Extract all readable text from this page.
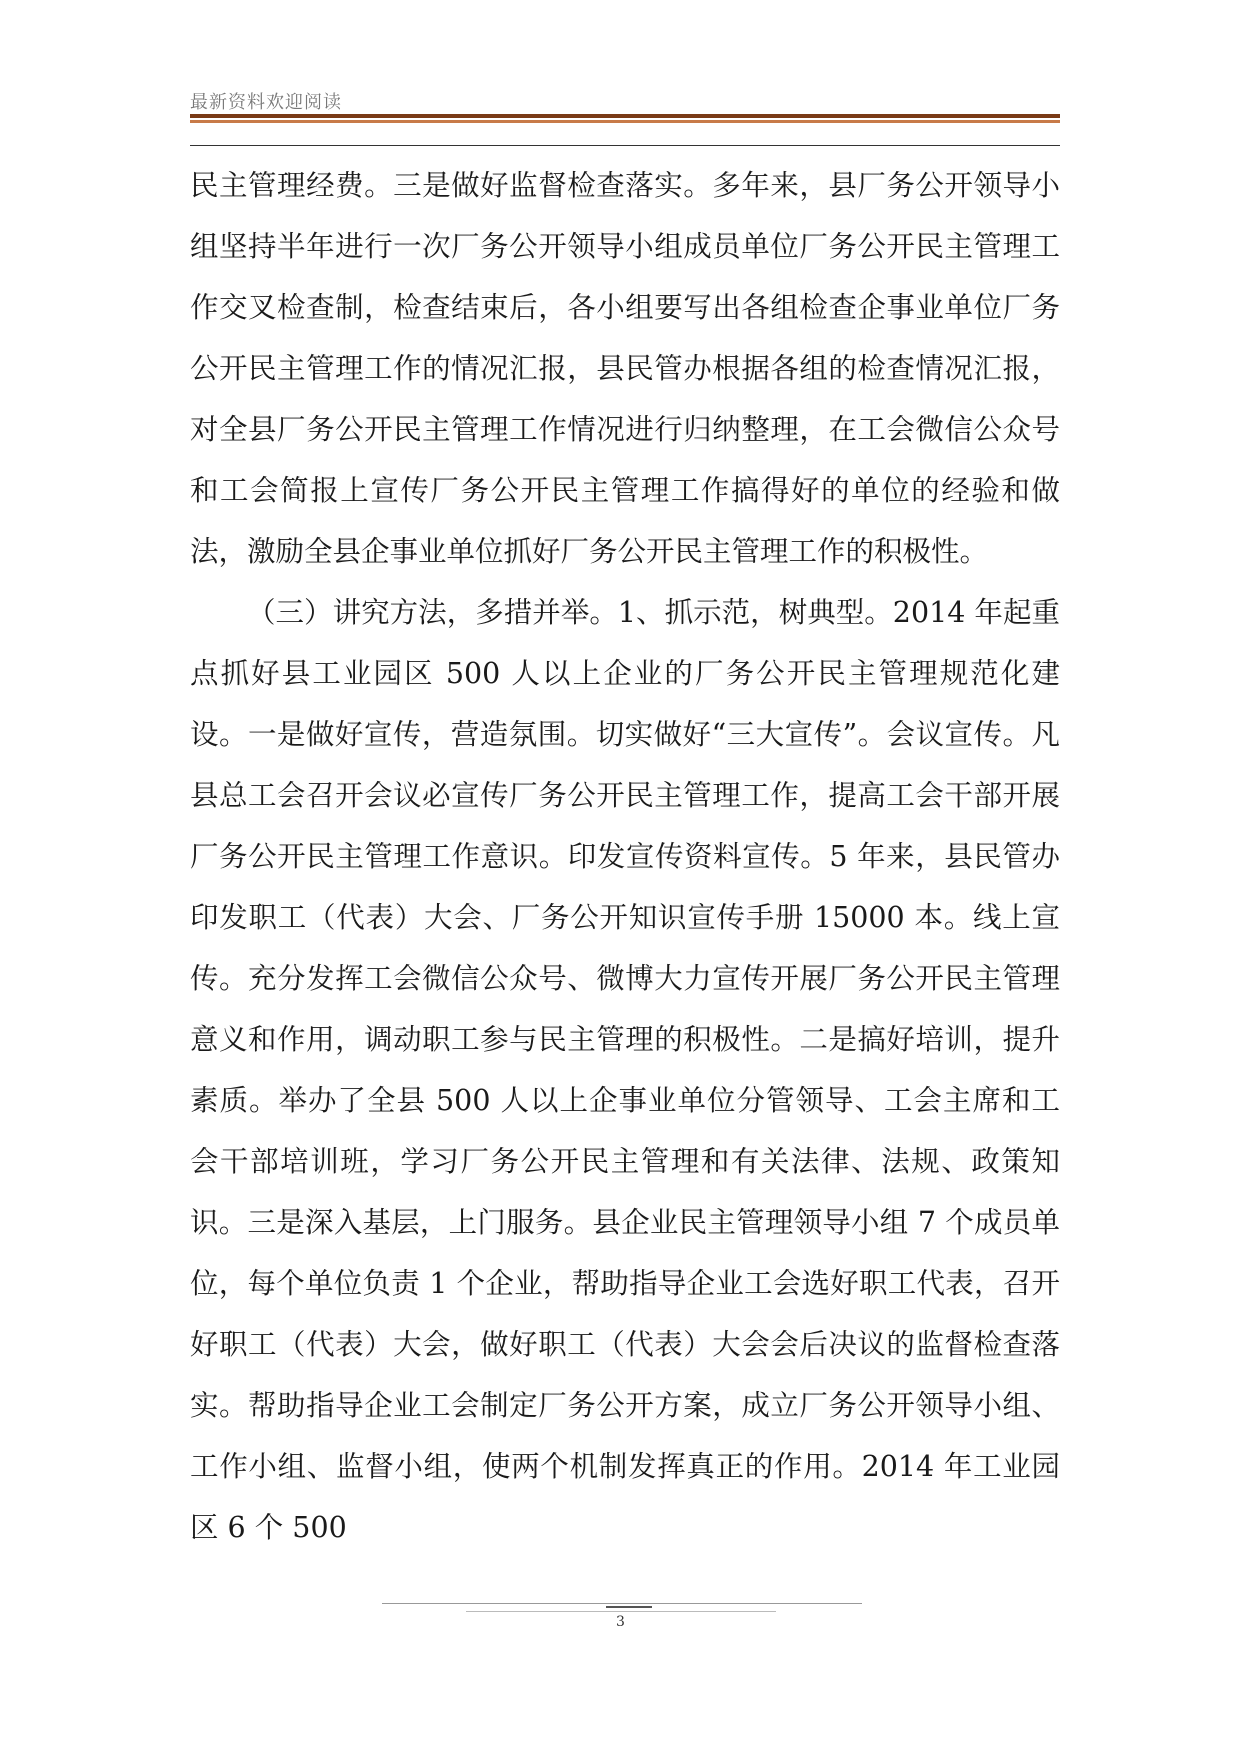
最新资料欢迎阅读

民主管理经费。三是做好监督检查落实。多年来，县厂务公开领导小组坚持半年进行一次厂务公开领导小组成员单位厂务公开民主管理工作交叉检查制，检查结束后，各小组要写出各组检查企事业单位厂务公开民主管理工作的情况汇报，县民管办根据各组的检查情况汇报，对全县厂务公开民主管理工作情况进行归纳整理，在工会微信公众号和工会简报上宣传厂务公开民主管理工作搞得好的单位的经验和做法，激励全县企事业单位抓好厂务公开民主管理工作的积极性。

（三）讲究方法，多措并举。1、抓示范，树典型。2014 年起重点抓好县工业园区 500 人以上企业的厂务公开民主管理规范化建设。一是做好宣传，营造氛围。切实做好“三大宣传”。会议宣传。凡县总工会召开会议必宣传厂务公开民主管理工作，提高工会干部开展厂务公开民主管理工作意识。印发宣传资料宣传。5 年来，县民管办印发职工（代表）大会、厂务公开知识宣传手册 15000 本。线上宣传。充分发挥工会微信公众号、微博大力宣传开展厂务公开民主管理意义和作用，调动职工参与民主管理的积极性。二是搞好培训，提升素质。举办了全县 500 人以上企事业单位分管领导、工会主席和工会干部培训班，学习厂务公开民主管理和有关法律、法规、政策知识。三是深入基层，上门服务。县企业民主管理领导小组 7 个成员单位，每个单位负责 1 个企业，帮助指导企业工会选好职工代表，召开好职工（代表）大会，做好职工（代表）大会会后决议的监督检查落实。帮助指导企业工会制定厂务公开方案，成立厂务公开领导小组、工作小组、监督小组，使两个机制发挥真正的作用。2014 年工业园区 6 个 500

3
